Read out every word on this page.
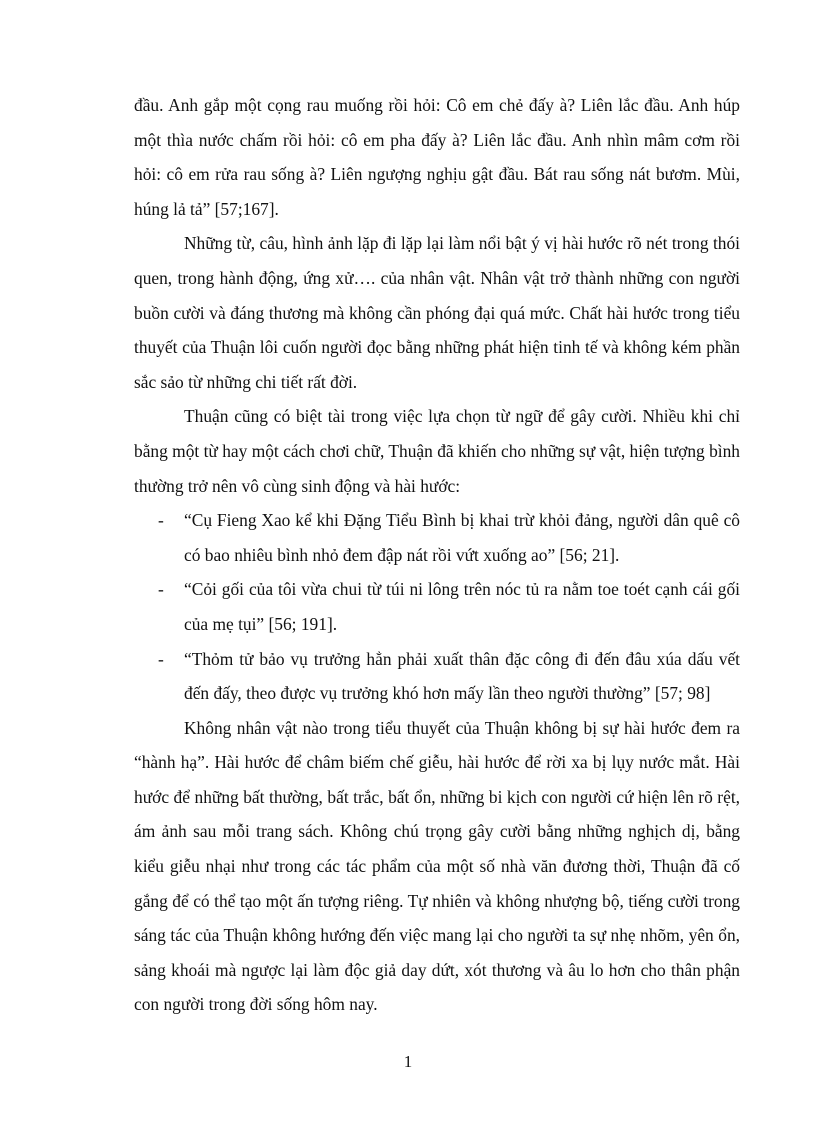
đầu. Anh gắp một cọng rau muống rồi hỏi: Cô em chẻ đấy à? Liên lắc đầu. Anh húp một thìa nước chấm rồi hỏi: cô em pha đấy à? Liên lắc đầu. Anh nhìn mâm cơm rồi hỏi: cô em rửa rau sống à? Liên ngượng nghịu gật đầu. Bát rau sống nát bươm. Mùi, húng lả tả” [57;167].

Những từ, câu, hình ảnh lặp đi lặp lại làm nổi bật ý vị hài hước rõ nét trong thói quen, trong hành động, ứng xử…. của nhân vật. Nhân vật trở thành những con người buồn cười và đáng thương mà không cần phóng đại quá mức. Chất hài hước trong tiểu thuyết của Thuận lôi cuốn người đọc bằng những phát hiện tinh tế và không kém phần sắc sảo từ những chi tiết rất đời.

Thuận cũng có biệt tài trong việc lựa chọn từ ngữ để gây cười. Nhiều khi chỉ bằng một từ hay một cách chơi chữ, Thuận đã khiến cho những sự vật, hiện tượng bình thường trở nên vô cùng sinh động và hài hước:

- “Cụ Fieng Xao kể khi Đặng Tiểu Bình bị khai trừ khỏi đảng, người dân quê cô có bao nhiêu bình nhỏ đem đập nát rồi vứt xuống ao” [56; 21].
- “Cỏi gối của tôi vừa chui từ túi ni lông trên nóc tủ ra nằm toe toét cạnh cái gối của mẹ tụi” [56; 191].
- “Thỏm tử bảo vụ trưởng hẳn phải xuất thân đặc công đi đến đâu xúa dấu vết đến đấy, theo được vụ trưởng khó hơn mấy lần theo người thường” [57; 98]

Không nhân vật nào trong tiểu thuyết của Thuận không bị sự hài hước đem ra “hành hạ”. Hài hước để châm biếm chế giễu, hài hước để rời xa bị lụy nước mắt. Hài hước để những bất thường, bất trắc, bất ổn, những bi kịch con người cứ hiện lên rõ rệt, ám ảnh sau mỗi trang sách. Không chú trọng gây cười bằng những nghịch dị, bằng kiểu giễu nhại như trong các tác phẩm của một số nhà văn đương thời, Thuận đã cố gắng để có thể tạo một ấn tượng riêng. Tự nhiên và không nhượng bộ, tiếng cười trong sáng tác của Thuận không hướng đến việc mang lại cho người ta sự nhẹ nhõm, yên ổn, sảng khoái mà ngược lại làm độc giả day dứt, xót thương và âu lo hơn cho thân phận con người trong đời sống hôm nay.

1
